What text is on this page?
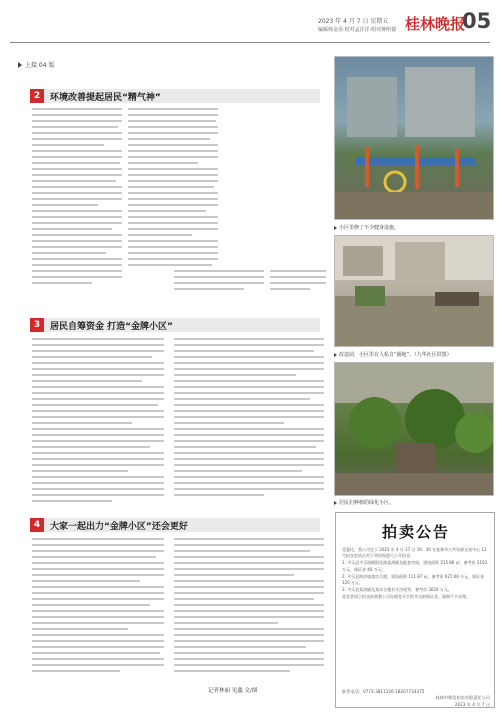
2023 年 4 月 7 日 星期五
编辑韩金龙·校对孟洋洋·组对蒋明郁 桂林晚报
05
上接 04 版
2	环境改善提起居民“精气神”
小区里修了不少健身设施。
改造前，小区里有人私自“圈地”。（九华社区供图）
3	居民自筹资金 打造“金牌小区”
居民们种植的绿化小区。
4	大家一起出力“金牌小区”还会更好
记者林丽 见鑫 文/图
拍卖公告

受委托，我公司定于 2023 年 4 月 27 日 10：30 在桂林市公共资源交易中心 12 号拍卖室依法对下列房屋进行公开拍卖：

1. 平乐县平乐镇朝阳北路某商铺及配套房屋，建筑面积 215.86 ㎡，参考价 2103 万元，保证金 40 万元；

2. 平乐县海洋镇某综合楼，建筑面积 111.87 ㎡，参考价 627.06 万元，保证金 120 万元；

3. 平乐县某商铺及某综合楼有关房屋等，参考价 3020 万元。

意竞者请于拍卖前到我公司办理竞买手续并交纳保证金，逾期不予办理。

联系电话：0773-3811126 18207733375
桂林市鼎信拍卖有限责任公司
2023 年 4 月 7 日
